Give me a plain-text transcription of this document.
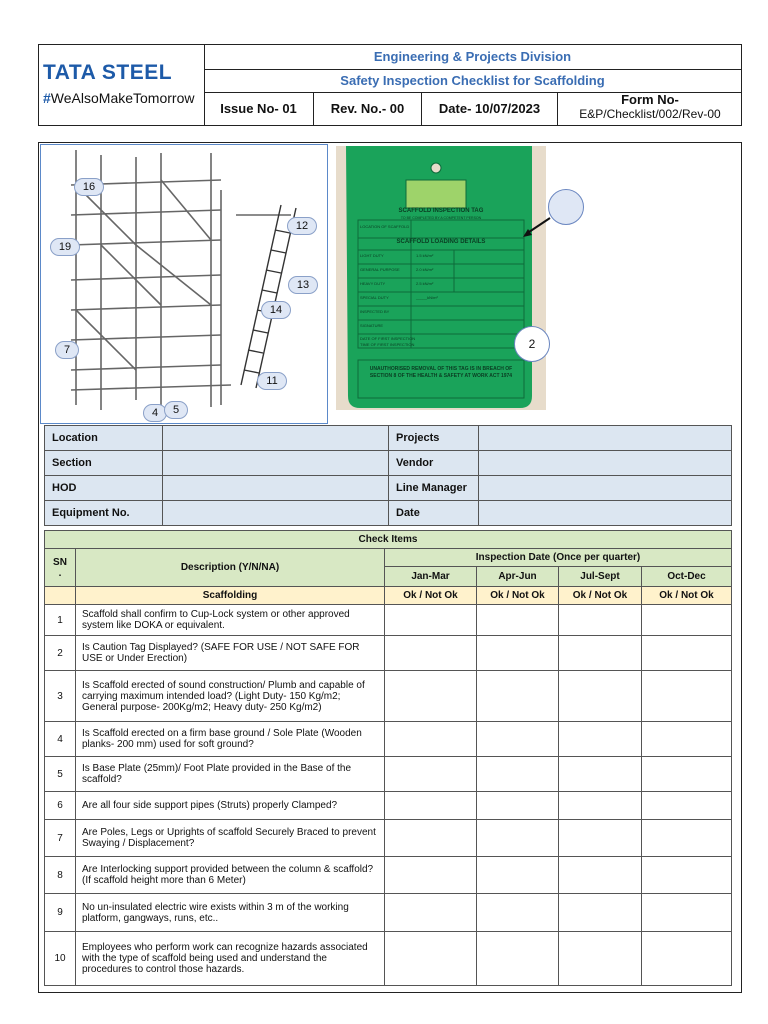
TATA STEEL
#WeAlsoMakeTomorrow
Engineering & Projects Division
Safety Inspection Checklist for Scaffolding
Issue No- 01	Rev. No.- 00	Date- 10/07/2023
Form No-
E&P/Checklist/002/Rev-00
16
12
19
13
14
7
11
4	5
SCAFFOLD INSPECTION TAG
TO BE COMPLETED BY A COMPETENT PERSON
LOCATION OF SCAFFOLD
SCAFFOLD LOADING DETAILS
LIGHT DUTY	1.5 kN/m²
GENERAL PURPOSE	2.0 kN/m²
HEAVY DUTY	2.5 kN/m²
SPECIAL DUTY	_____kN/m²
INSPECTED BY
SIGNATURE
DATE OF FIRST INSPECTION
TIME OF FIRST INSPECTION
UNAUTHORISED REMOVAL OF THIS TAG IS IN BREACH OF SECTION 8 OF THE HEALTH & SAFETY AT WORK ACT 1974
2
Location		Projects	
Section		Vendor	
HOD		Line Manager	
Equipment No.		Date	
Check Items					
SN .	Description (Y/N/NA)	Inspection Date (Once per quarter)			
		Jan-Mar	Apr-Jun	Jul-Sept	Oct-Dec
	Scaffolding	Ok / Not Ok	Ok / Not Ok	Ok / Not Ok	Ok / Not Ok
1	Scaffold shall confirm to Cup-Lock system or other approved system like DOKA or equivalent.				
2	Is Caution Tag Displayed? (SAFE FOR USE / NOT SAFE FOR USE or Under Erection)				
3	Is Scaffold erected of sound construction/ Plumb and capable of carrying maximum intended load? (Light Duty- 150 Kg/m2; General purpose- 200Kg/m2; Heavy duty- 250 Kg/m2)				
4	Is Scaffold erected on a firm base ground / Sole Plate (Wooden planks- 200 mm) used for soft ground?				
5	Is Base Plate (25mm)/ Foot Plate provided in the Base of the scaffold?				
6	Are all four side support pipes (Struts) properly Clamped?				
7	Are Poles, Legs or Uprights of scaffold Securely Braced to prevent Swaying / Displacement?				
8	Are Interlocking support provided between the column & scaffold? (If scaffold height more than 6 Meter)				
9	No un-insulated electric wire exists within 3 m of the working platform, gangways, runs, etc..				
10	Employees who perform work can recognize hazards associated with the type of scaffold being used and understand the procedures to control those hazards.				
